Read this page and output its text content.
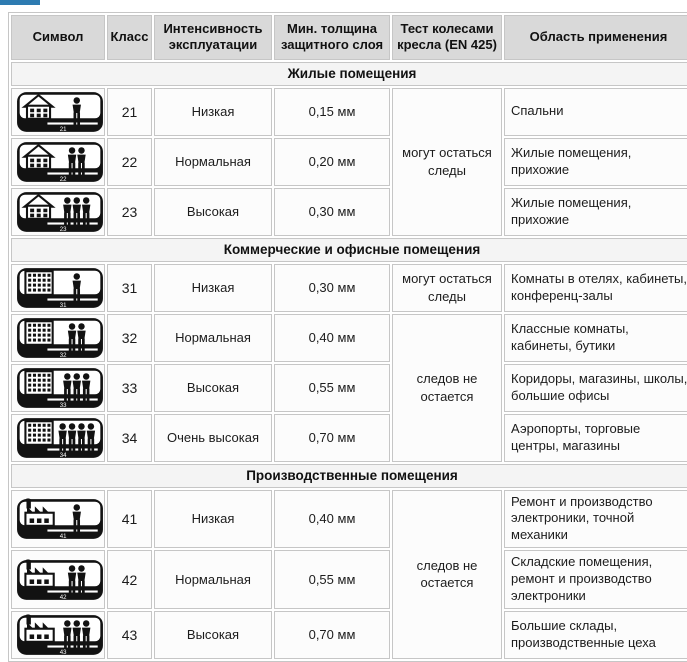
Символ	Класс	Интенсивность эксплуатации	Мин. толщина защитного слоя	Тест колесами кресла (EN 425)	Область применения
Жилые помещения					

21	21	Низкая	0,15 мм	могут остаться следы	Спальни

22	22	Нормальная	0,20 мм		Жилые помещения, прихожие

23	23	Высокая	0,30 мм		Жилые помещения, прихожие
Коммерческие и офисные помещения					

31	31	Низкая	0,30 мм	могут остаться следы	Комнаты в отелях, кабинеты, конференц-залы

32	32	Нормальная	0,40 мм	следов не остается	Классные комнаты, кабинеты, бутики

33	33	Высокая	0,55 мм		Коридоры, магазины, школы, большие офисы

34	34	Очень высокая	0,70 мм		Аэропорты, торговые центры, магазины
Производственные помещения					

41	41	Низкая	0,40 мм	следов не остается	Ремонт и производство электроники, точной механики

42	42	Нормальная	0,55 мм		Складские помещения, ремонт и производство электроники

43	43	Высокая	0,70 мм		Большие склады, производственные цеха
